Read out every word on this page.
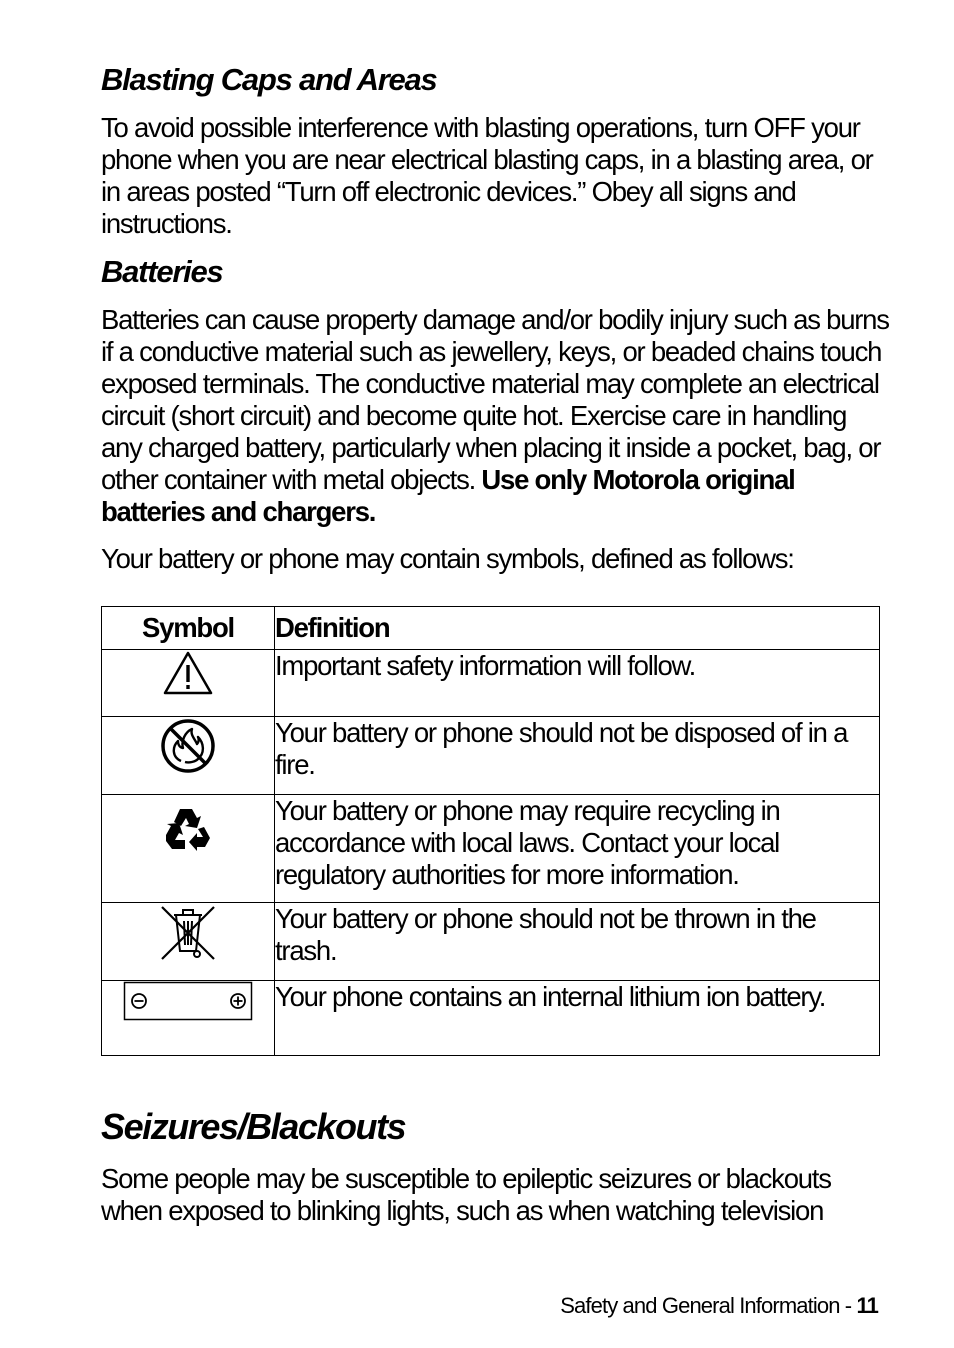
Blasting Caps and Areas

To avoid possible interference with blasting operations, turn OFF your phone when you are near electrical blasting caps, in a blasting area, or in areas posted “Turn off electronic devices.” Obey all signs and instructions.

Batteries

Batteries can cause property damage and/or bodily injury such as burns if a conductive material such as jewellery, keys, or beaded chains touch exposed terminals. The conductive material may complete an electrical circuit (short circuit) and become quite hot. Exercise care in handling any charged battery, particularly when placing it inside a pocket, bag, or other container with metal objects. Use only Motorola original batteries and chargers.

Your battery or phone may contain symbols, defined as follows:

Symbol	Definition

	Important safety information will follow.

	Your battery or phone should not be disposed of in a fire.

	Your battery or phone may require recycling in accordance with local laws. Contact your local regulatory authorities for more information.

	Your battery or phone should not be thrown in the trash.

	Your phone contains an internal lithium ion battery.
Seizures/Blackouts

Some people may be susceptible to epileptic seizures or blackouts when exposed to blinking lights, such as when watching television

Safety and General Information - 11
